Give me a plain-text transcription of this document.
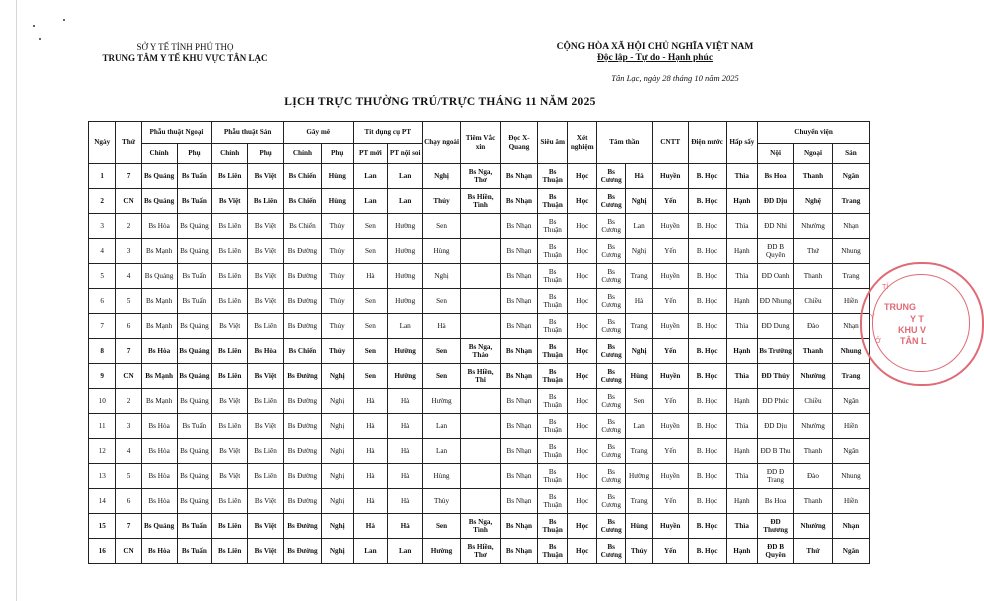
SỞ Y TẾ TỈNH PHÚ THỌ
TRUNG TÂM Y TẾ KHU VỰC TÂN LẠC
CỘNG HÒA XÃ HỘI CHỦ NGHĨA VIỆT NAM
Độc lập - Tự do - Hạnh phúc
Tân Lạc, ngày 28 tháng 10 năm 2025
LỊCH TRỰC THƯỜNG TRÚ/TRỰC THÁNG 11 NĂM 2025
Ngày	Thứ	Phẫu thuật Ngoại		Phẫu thuật Sản		Gây mê		Tít dụng cụ PT		Chạy ngoài	Tiêm Vắc xin	Đọc X-Quang	Siêu âm	Xét nghiệm	Tâm thần		CNTT	Điện nước	Hấp sấy	Chuyển viện		
		Chính	Phụ	Chính	Phụ	Chính	Phụ	PT mới	PT nội soi											Nội	Ngoại	Sản
1	7	Bs Quảng	Bs Tuấn	Bs Liên	Bs Việt	Bs Chiến	Hùng	Lan	Lan	Nghị	Bs Nga, Thơ	Bs Nhạn	Bs Thuận	Học	Bs Cương	Hà	Huyền	B. Học	Thìa	Bs Hoa	Thanh	Ngân
2	CN	Bs Quảng	Bs Tuấn	Bs Việt	Bs Liên	Bs Chiến	Hùng	Lan	Lan	Thủy	Bs Hiền, Tình	Bs Nhạn	Bs Thuận	Học	Bs Cương	Nghị	Yến	B. Học	Hạnh	ĐD Dịu	Nghệ	Trang
3	2	Bs Hòa	Bs Quảng	Bs Liên	Bs Việt	Bs Chiến	Thủy	Sen	Hường	Sen		Bs Nhạn	Bs Thuận	Học	Bs Cương	Lan	Huyền	B. Học	Thìa	ĐD Nhi	Nhường	Nhạn
4	3	Bs Mạnh	Bs Quảng	Bs Liên	Bs Việt	Bs Đường	Thủy	Sen	Hường	Hùng		Bs Nhạn	Bs Thuận	Học	Bs Cương	Nghị	Yến	B. Học	Hạnh	ĐD B Quyên	Thứ	Nhung
5	4	Bs Quảng	Bs Tuấn	Bs Liên	Bs Việt	Bs Đường	Thủy	Hà	Hường	Nghị		Bs Nhạn	Bs Thuận	Học	Bs Cương	Trang	Huyền	B. Học	Thìa	ĐD Oanh	Thanh	Trang
6	5	Bs Mạnh	Bs Tuấn	Bs Liên	Bs Việt	Bs Đường	Thủy	Sen	Hường	Sen		Bs Nhạn	Bs Thuận	Học	Bs Cương	Hà	Yến	B. Học	Hạnh	ĐD Nhung	Chiều	Hiền
7	6	Bs Mạnh	Bs Quảng	Bs Việt	Bs Liên	Bs Đường	Thủy	Sen	Lan	Hà		Bs Nhạn	Bs Thuận	Học	Bs Cương	Trang	Huyền	B. Học	Thìa	ĐD Dung	Đào	Nhạn
8	7	Bs Hòa	Bs Quảng	Bs Liên	Bs Hòa	Bs Chiến	Thủy	Sen	Hường	Sen	Bs Nga, Thảo	Bs Nhạn	Bs Thuận	Học	Bs Cương	Nghị	Yến	B. Học	Hạnh	Bs Trường	Thanh	Nhung
9	CN	Bs Mạnh	Bs Quảng	Bs Liên	Bs Việt	Bs Đường	Nghị	Sen	Hường	Sen	Bs Hiền, Thi	Bs Nhạn	Bs Thuận	Học	Bs Cương	Hùng	Huyền	B. Học	Thìa	ĐD Thủy	Nhường	Trang
10	2	Bs Mạnh	Bs Quảng	Bs Việt	Bs Liên	Bs Đường	Nghị	Hà	Hà	Hường		Bs Nhạn	Bs Thuận	Học	Bs Cương	Sen	Yến	B. Học	Hạnh	ĐD Phúc	Chiều	Ngân
11	3	Bs Hòa	Bs Tuấn	Bs Liên	Bs Việt	Bs Đường	Nghị	Hà	Hà	Lan		Bs Nhạn	Bs Thuận	Học	Bs Cương	Lan	Huyền	B. Học	Thìa	ĐD Dịu	Nhường	Hiền
12	4	Bs Hòa	Bs Quảng	Bs Việt	Bs Liên	Bs Đường	Nghị	Hà	Hà	Lan		Bs Nhạn	Bs Thuận	Học	Bs Cương	Trang	Yến	B. Học	Hạnh	ĐD B Thu	Thanh	Ngân
13	5	Bs Hòa	Bs Quảng	Bs Việt	Bs Liên	Bs Đường	Nghị	Hà	Hà	Hùng		Bs Nhạn	Bs Thuận	Học	Bs Cương	Hường	Huyền	B. Học	Thìa	ĐD Đ Trang	Đào	Nhung
14	6	Bs Hòa	Bs Quảng	Bs Liên	Bs Việt	Bs Đường	Nghị	Hà	Hà	Thủy		Bs Nhạn	Bs Thuận	Học	Bs Cương	Trang	Yến	B. Học	Hạnh	Bs Hoa	Thanh	Hiền
15	7	Bs Quảng	Bs Tuấn	Bs Liên	Bs Việt	Bs Đường	Nghị	Hà	Hà	Sen	Bs Nga, Tình	Bs Nhạn	Bs Thuận	Học	Bs Cương	Hùng	Huyền	B. Học	Thìa	ĐD Thương	Nhường	Nhạn
16	CN	Bs Hòa	Bs Tuấn	Bs Liên	Bs Việt	Bs Đường	Nghị	Lan	Lan	Hường	Bs Hiền, Thơ	Bs Nhạn	Bs Thuận	Học	Bs Cương	Thủy	Yến	B. Học	Hạnh	ĐD B Quyên	Thứ	Ngân
TỈ
TRUNG
Y T
KHU V
TÂN L
Y
Ở
